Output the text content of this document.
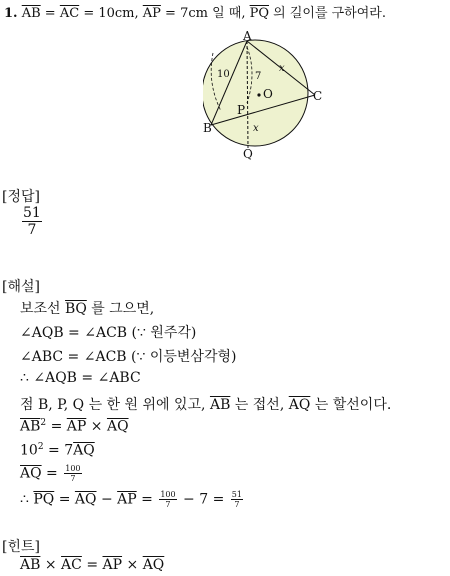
1. $\overline{AB} = \overline{AC} = 10cm$, $\overline{AP} = 7cm$ 일 때, $\overline{PQ}$ 의 길이를 구하여라.
A
B
C
P
Q
O
10	7
x
x
[정답]
$\frac{51}{7}$
[해설]
보조선 $\overline{BQ}$ 를 그으면,
∠AQB = ∠ACB (∵ 원주각)
∠ABC = ∠ACB (∵ 이등변삼각형)
∴ ∠AQB = ∠ABC
점 B, P, Q 는 한 원 위에 있고, $\overline{AB}$ 는 접선, $\overline{AQ}$ 는 할선이다.
$\overline{AB}^2 = \overline{AP} \times \overline{AQ}$
$10^2 = 7\overline{AQ}$
$\overline{AQ} = \frac{100}{7}$
∴ $\overline{PQ} = \overline{AQ} - \overline{AP} = \frac{100}{7} - 7 = \frac{51}{7}$
[힌트]
$\overline{AB} \times \overline{AC} = \overline{AP} \times \overline{AQ}$
